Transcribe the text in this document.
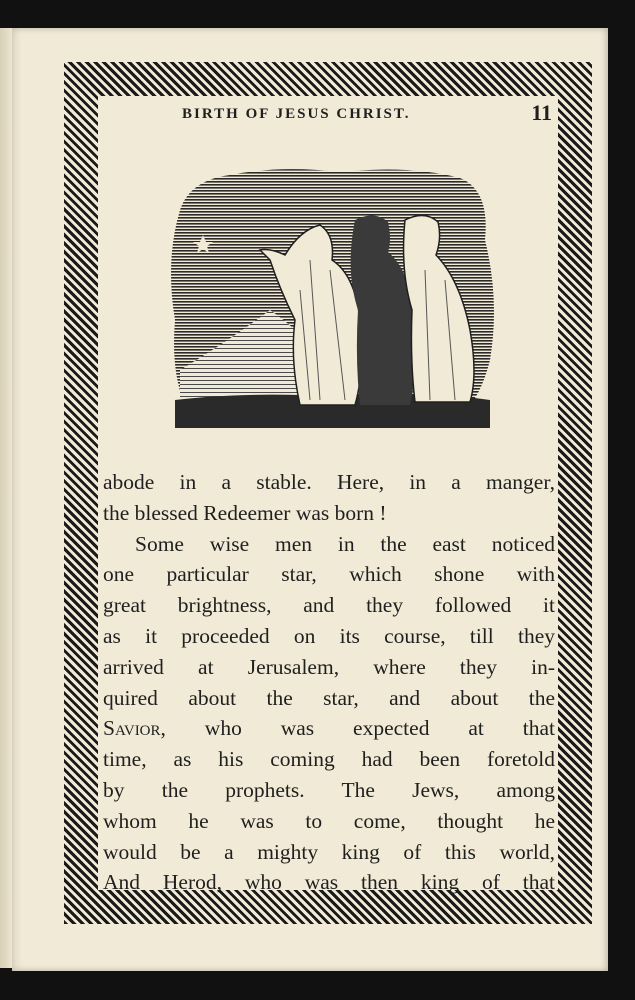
BIRTH OF JESUS CHRIST.	11
abode in a stable. Here, in a manger,
the blessed Redeemer was born !
Some wise men in the east noticed
one particular star, which shone with
great brightness, and they followed it
as it proceeded on its course, till they
arrived at Jerusalem, where they in-
quired about the star, and about the
Savior, who was expected at that
time, as his coming had been foretold
by the prophets. The Jews, among
whom he was to come, thought he
would be a mighty king of this world,
And Herod, who was then king of that
